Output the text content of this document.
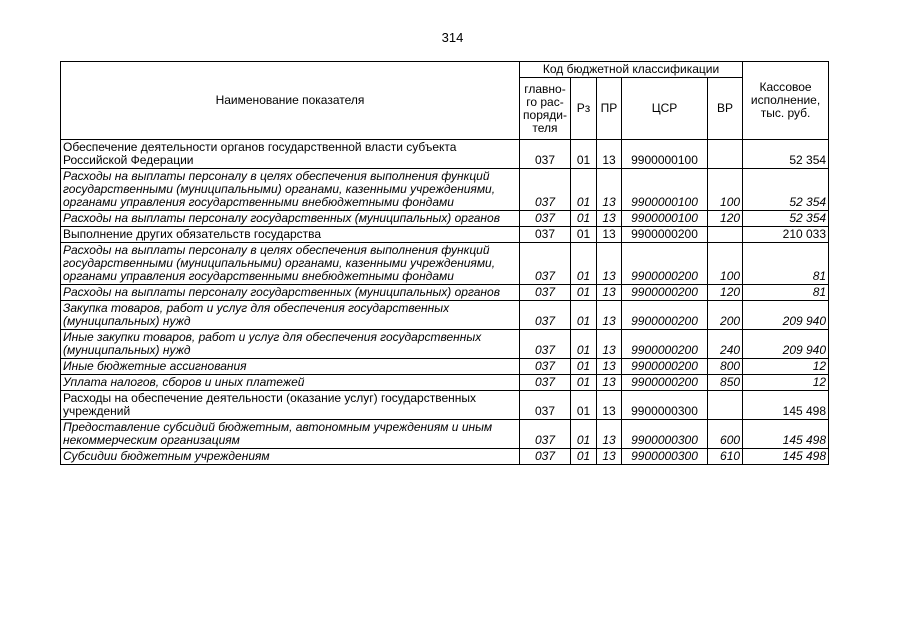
314
Наименование показателя	Код бюджетной классификации					Кассовое исполнение, тыс. руб.
	главно-го рас-поряди-теля	Рз	ПР	ЦСР	ВР	
Обеспечение деятельности органов государственной власти субъекта Российской Федерации	037	01	13	9900000100		52 354
Расходы на выплаты персоналу в целях обеспечения выполнения функций государственными (муниципальными) органами, казенными учреждениями, органами управления государственными внебюджетными фондами	037	01	13	9900000100	100	52 354
Расходы на выплаты персоналу государственных (муниципальных) органов	037	01	13	9900000100	120	52 354
Выполнение других обязательств государства	037	01	13	9900000200		210 033
Расходы на выплаты персоналу в целях обеспечения выполнения функций государственными (муниципальными) органами, казенными учреждениями, органами управления государственными внебюджетными фондами	037	01	13	9900000200	100	81
Расходы на выплаты персоналу государственных (муниципальных) органов	037	01	13	9900000200	120	81
Закупка товаров, работ и услуг для обеспечения государственных (муниципальных) нужд	037	01	13	9900000200	200	209 940
Иные закупки товаров, работ и услуг для обеспечения государственных (муниципальных) нужд	037	01	13	9900000200	240	209 940
Иные бюджетные ассигнования	037	01	13	9900000200	800	12
Уплата налогов, сборов и иных платежей	037	01	13	9900000200	850	12
Расходы на обеспечение деятельности (оказание услуг) государственных учреждений	037	01	13	9900000300		145 498
Предоставление субсидий бюджетным, автономным учреждениям и иным некоммерческим организациям	037	01	13	9900000300	600	145 498
Субсидии бюджетным учреждениям	037	01	13	9900000300	610	145 498
